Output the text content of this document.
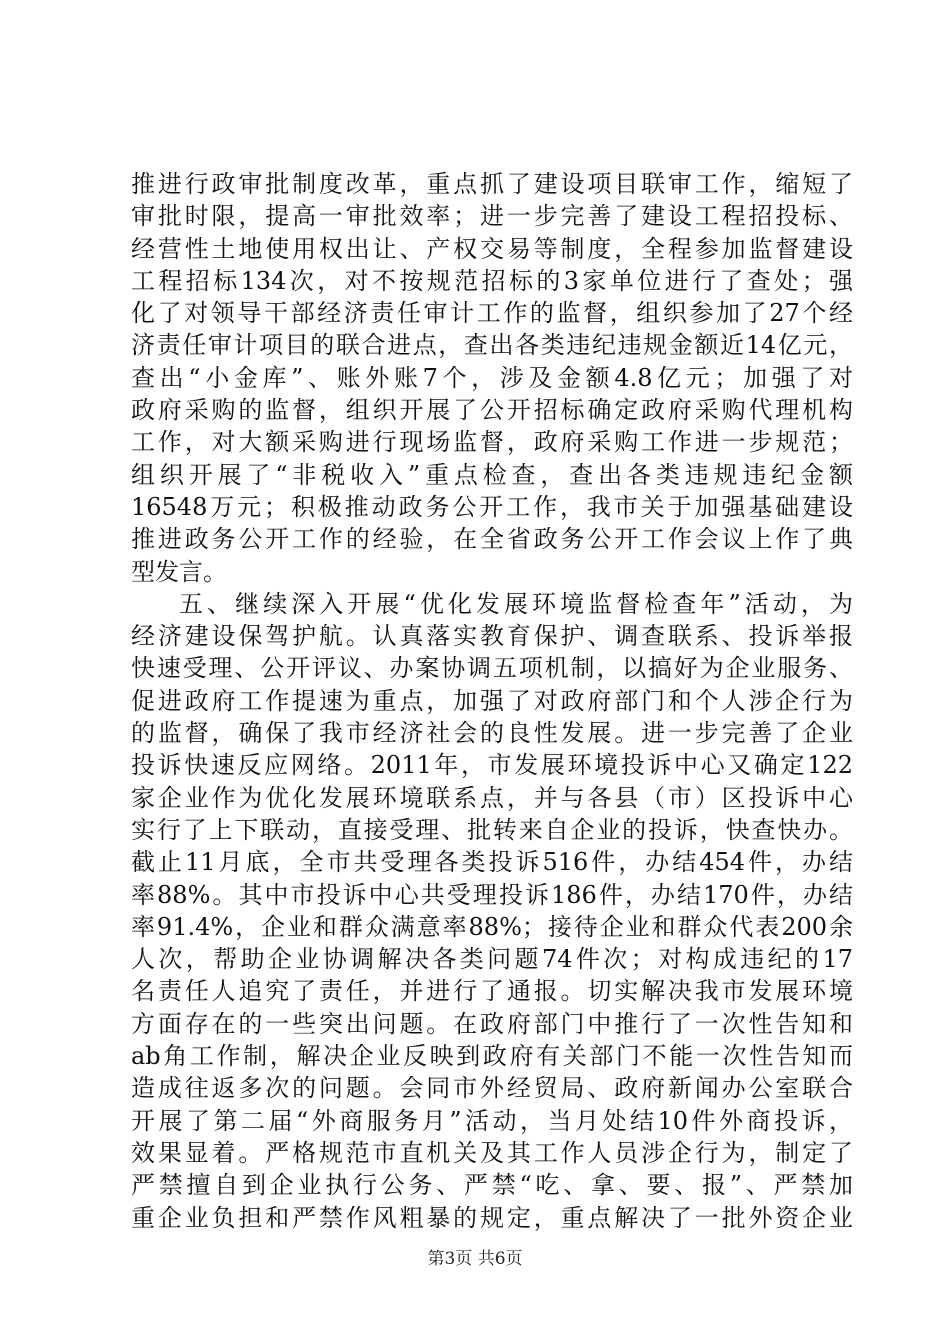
推进行政审批制度改革，重点抓了建设项目联审工作，缩短了
审批时限，提高一审批效率；进一步完善了建设工程招投标、
经营性土地使用权出让、产权交易等制度，全程参加监督建设
工程招标134次，对不按规范招标的3家单位进行了查处；强
化了对领导干部经济责任审计工作的监督，组织参加了27个经
济责任审计项目的联合进点，查出各类违纪违规金额近14亿元，
查出“小金库”、账外账7个，涉及金额4.8亿元；加强了对
政府采购的监督，组织开展了公开招标确定政府采购代理机构
工作，对大额采购进行现场监督，政府采购工作进一步规范；
组织开展了“非税收入”重点检查，查出各类违规违纪金额
16548万元；积极推动政务公开工作，我市关于加强基础建设
推进政务公开工作的经验，在全省政务公开工作会议上作了典
型发言。
五、继续深入开展“优化发展环境监督检查年”活动，为
经济建设保驾护航。认真落实教育保护、调查联系、投诉举报
快速受理、公开评议、办案协调五项机制，以搞好为企业服务、
促进政府工作提速为重点，加强了对政府部门和个人涉企行为
的监督，确保了我市经济社会的良性发展。进一步完善了企业
投诉快速反应网络。2011年，市发展环境投诉中心又确定122
家企业作为优化发展环境联系点，并与各县（市）区投诉中心
实行了上下联动，直接受理、批转来自企业的投诉，快查快办。
截止11月底，全市共受理各类投诉516件，办结454件，办结
率88%。其中市投诉中心共受理投诉186件，办结170件，办结
率91.4%，企业和群众满意率88%；接待企业和群众代表200余
人次，帮助企业协调解决各类问题74件次；对构成违纪的17
名责任人追究了责任，并进行了通报。切实解决我市发展环境
方面存在的一些突出问题。在政府部门中推行了一次性告知和
ab角工作制，解决企业反映到政府有关部门不能一次性告知而
造成往返多次的问题。会同市外经贸局、政府新闻办公室联合
开展了第二届“外商服务月”活动，当月处结10件外商投诉，
效果显着。严格规范市直机关及其工作人员涉企行为，制定了
严禁擅自到企业执行公务、严禁“吃、拿、要、报”、严禁加
重企业负担和严禁作风粗暴的规定，重点解决了一批外资企业
第3页 共6页
